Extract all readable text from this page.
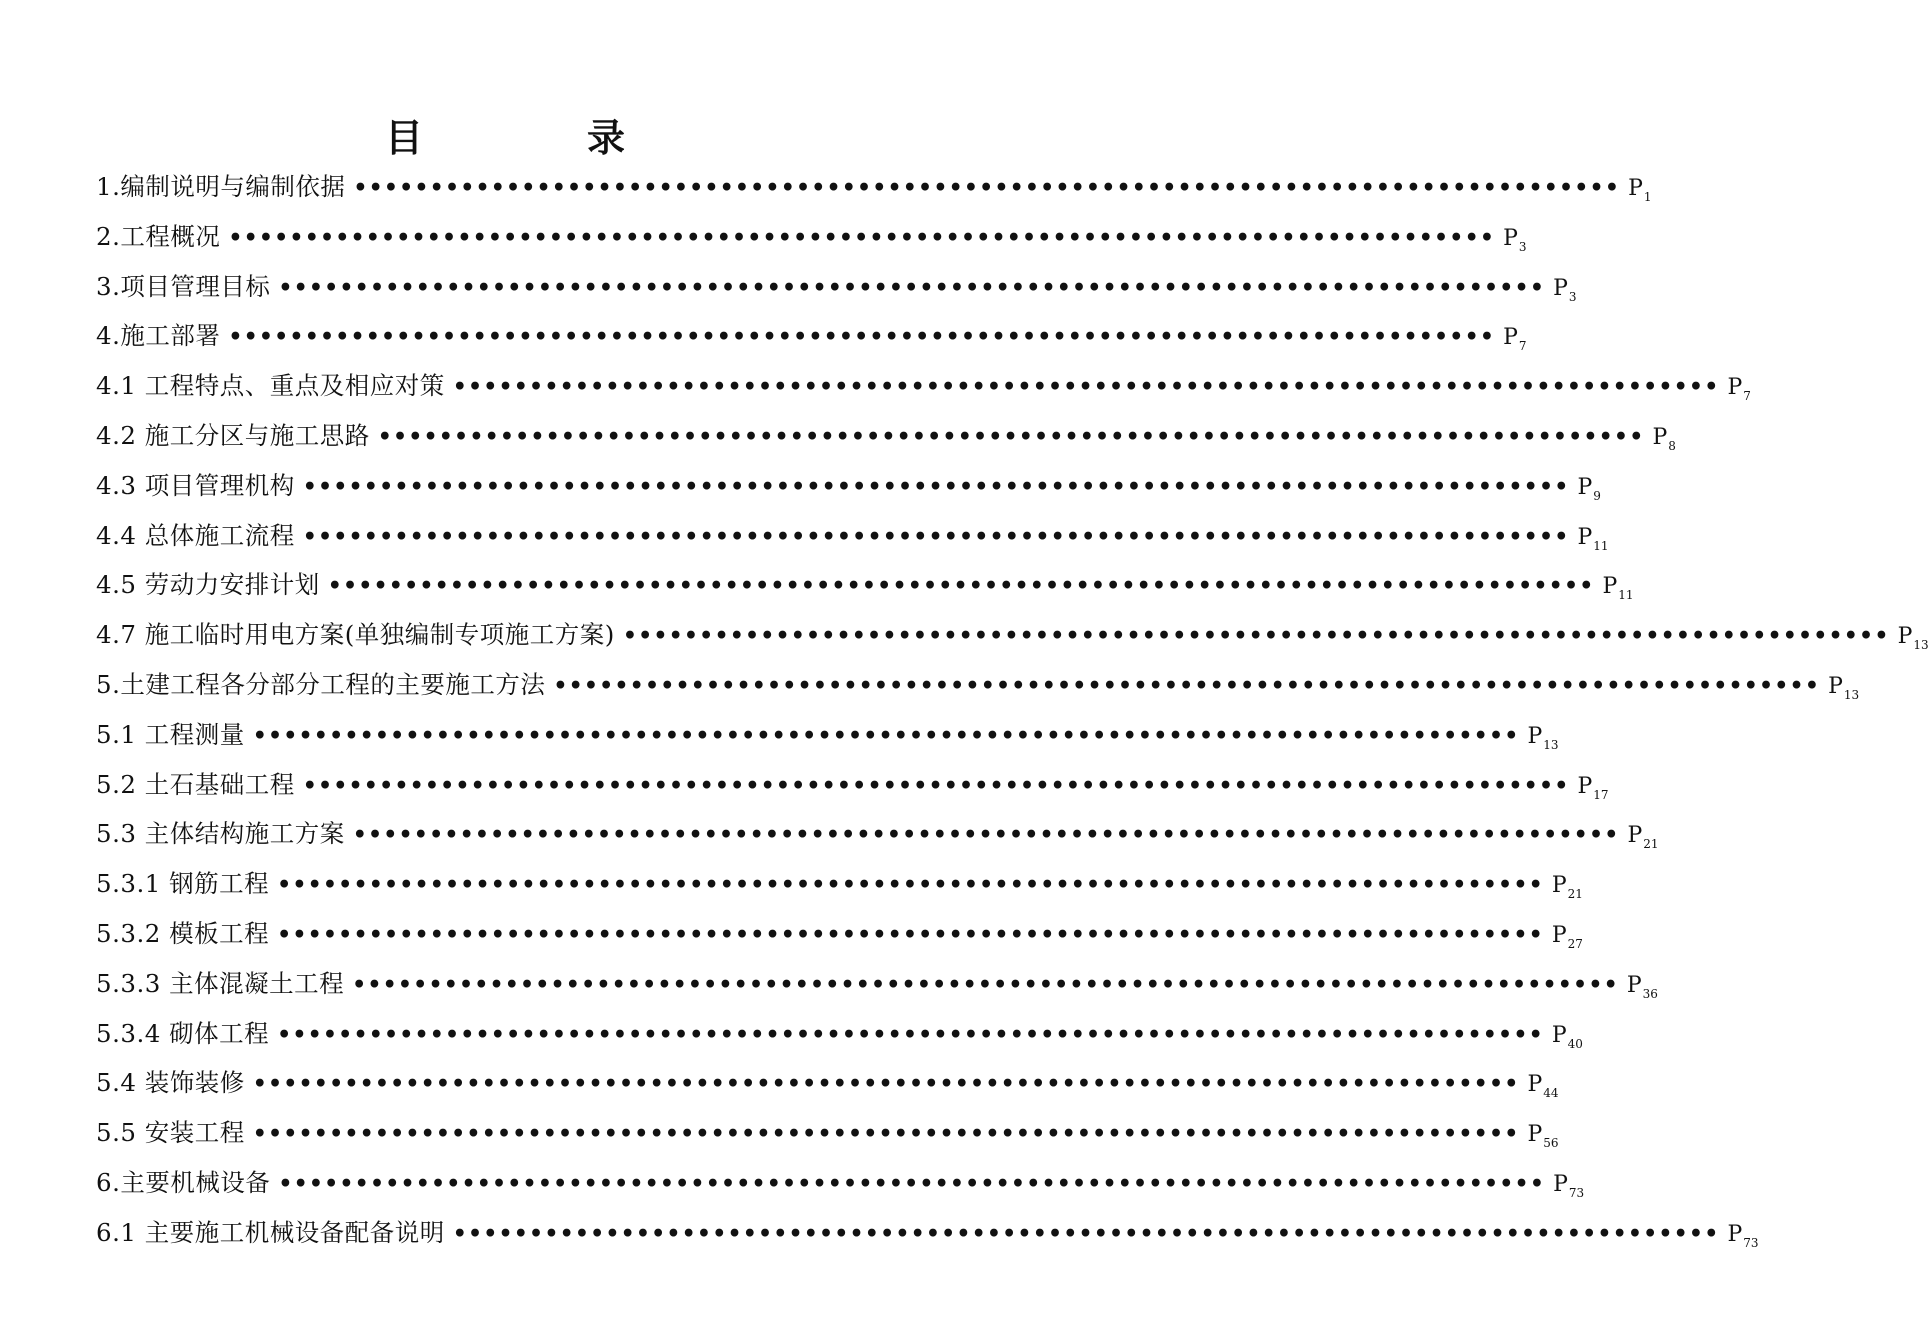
目	录
1.编制说明与编制依据 ••••••••••••••••••••••••••••••••••••••••••••••••••••••••••••••••••••••••••••••••••• $P_1$
2.工程概况 ••••••••••••••••••••••••••••••••••••••••••••••••••••••••••••••••••••••••••••••••••• $P_3$
3.项目管理目标 ••••••••••••••••••••••••••••••••••••••••••••••••••••••••••••••••••••••••••••••••••• $P_3$
4.施工部署 ••••••••••••••••••••••••••••••••••••••••••••••••••••••••••••••••••••••••••••••••••• $P_7$
4.1 工程特点、重点及相应对策 ••••••••••••••••••••••••••••••••••••••••••••••••••••••••••••••••••••••••••••••••••• $P_7$
4.2 施工分区与施工思路 ••••••••••••••••••••••••••••••••••••••••••••••••••••••••••••••••••••••••••••••••••• $P_8$
4.3 项目管理机构 ••••••••••••••••••••••••••••••••••••••••••••••••••••••••••••••••••••••••••••••••••• $P_9$
4.4 总体施工流程 ••••••••••••••••••••••••••••••••••••••••••••••••••••••••••••••••••••••••••••••••••• $P_{11}$
4.5 劳动力安排计划 ••••••••••••••••••••••••••••••••••••••••••••••••••••••••••••••••••••••••••••••••••• $P_{11}$
4.7 施工临时用电方案(单独编制专项施工方案) ••••••••••••••••••••••••••••••••••••••••••••••••••••••••••••••••••••••••••••••••••• $P_{13}$
5.土建工程各分部分工程的主要施工方法 ••••••••••••••••••••••••••••••••••••••••••••••••••••••••••••••••••••••••••••••••••• $P_{13}$
5.1 工程测量 ••••••••••••••••••••••••••••••••••••••••••••••••••••••••••••••••••••••••••••••••••• $P_{13}$
5.2 土石基础工程 ••••••••••••••••••••••••••••••••••••••••••••••••••••••••••••••••••••••••••••••••••• $P_{17}$
5.3 主体结构施工方案 ••••••••••••••••••••••••••••••••••••••••••••••••••••••••••••••••••••••••••••••••••• $P_{21}$
5.3.1 钢筋工程 ••••••••••••••••••••••••••••••••••••••••••••••••••••••••••••••••••••••••••••••••••• $P_{21}$
5.3.2 模板工程 ••••••••••••••••••••••••••••••••••••••••••••••••••••••••••••••••••••••••••••••••••• $P_{27}$
5.3.3 主体混凝土工程 ••••••••••••••••••••••••••••••••••••••••••••••••••••••••••••••••••••••••••••••••••• $P_{36}$
5.3.4 砌体工程 ••••••••••••••••••••••••••••••••••••••••••••••••••••••••••••••••••••••••••••••••••• $P_{40}$
5.4 装饰装修 ••••••••••••••••••••••••••••••••••••••••••••••••••••••••••••••••••••••••••••••••••• $P_{44}$
5.5 安装工程 ••••••••••••••••••••••••••••••••••••••••••••••••••••••••••••••••••••••••••••••••••• $P_{56}$
6.主要机械设备 ••••••••••••••••••••••••••••••••••••••••••••••••••••••••••••••••••••••••••••••••••• $P_{73}$
6.1 主要施工机械设备配备说明 ••••••••••••••••••••••••••••••••••••••••••••••••••••••••••••••••••••••••••••••••••• $P_{73}$
